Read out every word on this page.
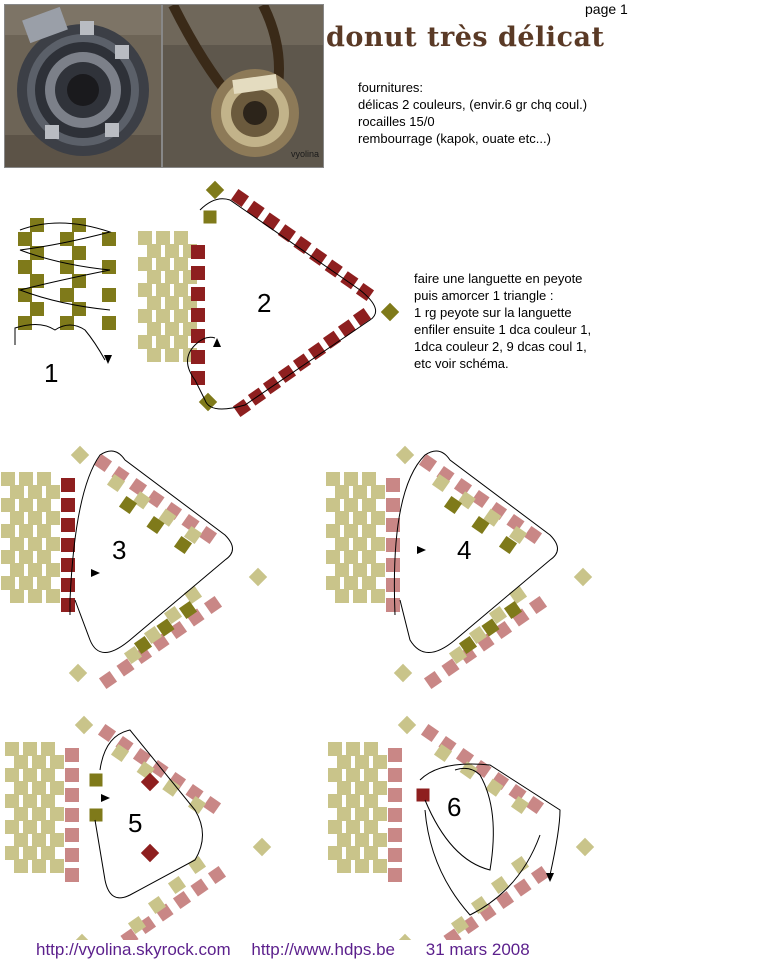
vyolina
page 1
donut très délicat
fournitures:
délicas 2 couleurs, (envir.6 gr chq coul.)
rocailles 15/0
rembourrage (kapok, ouate etc...)
faire une languette en peyote
puis amorcer 1 triangle :
1 rg peyote sur la languette
enfiler ensuite 1 dca couleur 1,
1dca couleur 2, 9 dcas coul 1,
etc voir schéma.
1
2
3	4
5
6
http://vyolina.skyrock.com http://www.hdps.be 31 mars 2008
